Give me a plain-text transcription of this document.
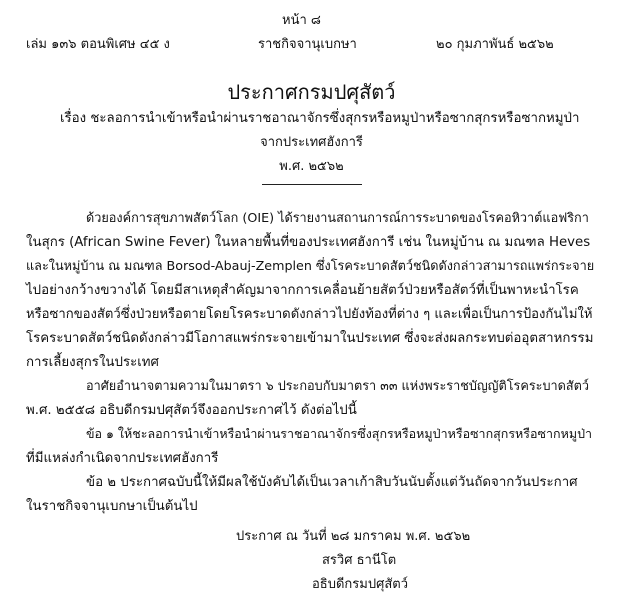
หน้า ๘
เล่ม ๑๓๖ ตอนพิเศษ ๔๕ ง	ราชกิจจานุเบกษา	๒๐ กุมภาพันธ์ ๒๕๖๒
ประกาศกรมปศุสัตว์
เรื่อง ชะลอการนำเข้าหรือนำผ่านราชอาณาจักรซึ่งสุกรหรือหมูป่าหรือซากสุกรหรือซากหมูป่า
จากประเทศฮังการี
พ.ศ. ๒๕๖๒
ด้วยองค์การสุขภาพสัตว์โลก (OIE) ได้รายงานสถานการณ์การระบาดของโรคอหิวาต์แอฟริกา
ในสุกร (African Swine Fever) ในหลายพื้นที่ของประเทศฮังการี เช่น ในหมู่บ้าน ณ มณฑล Heves
และในหมู่บ้าน ณ มณฑล Borsod-Abauj-Zemplen ซึ่งโรคระบาดสัตว์ชนิดดังกล่าวสามารถแพร่กระจาย
ไปอย่างกว้างขวางได้ โดยมีสาเหตุสำคัญมาจากการเคลื่อนย้ายสัตว์ป่วยหรือสัตว์ที่เป็นพาหะนำโรค
หรือซากของสัตว์ซึ่งป่วยหรือตายโดยโรคระบาดดังกล่าวไปยังท้องที่ต่าง ๆ และเพื่อเป็นการป้องกันไม่ให้
โรคระบาดสัตว์ชนิดดังกล่าวมีโอกาสแพร่กระจายเข้ามาในประเทศ ซึ่งจะส่งผลกระทบต่ออุตสาหกรรม
การเลี้ยงสุกรในประเทศ
อาศัยอำนาจตามความในมาตรา ๖ ประกอบกับมาตรา ๓๓ แห่งพระราชบัญญัติโรคระบาดสัตว์
พ.ศ. ๒๕๕๘ อธิบดีกรมปศุสัตว์จึงออกประกาศไว้ ดังต่อไปนี้
ข้อ ๑ ให้ชะลอการนำเข้าหรือนำผ่านราชอาณาจักรซึ่งสุกรหรือหมูป่าหรือซากสุกรหรือซากหมูป่า
ที่มีแหล่งกำเนิดจากประเทศฮังการี
ข้อ ๒ ประกาศฉบับนี้ให้มีผลใช้บังคับได้เป็นเวลาเก้าสิบวันนับตั้งแต่วันถัดจากวันประกาศ
ในราชกิจจานุเบกษาเป็นต้นไป
ประกาศ ณ วันที่ ๒๘ มกราคม พ.ศ. ๒๕๖๒
สรวิศ ธานีโต
อธิบดีกรมปศุสัตว์
